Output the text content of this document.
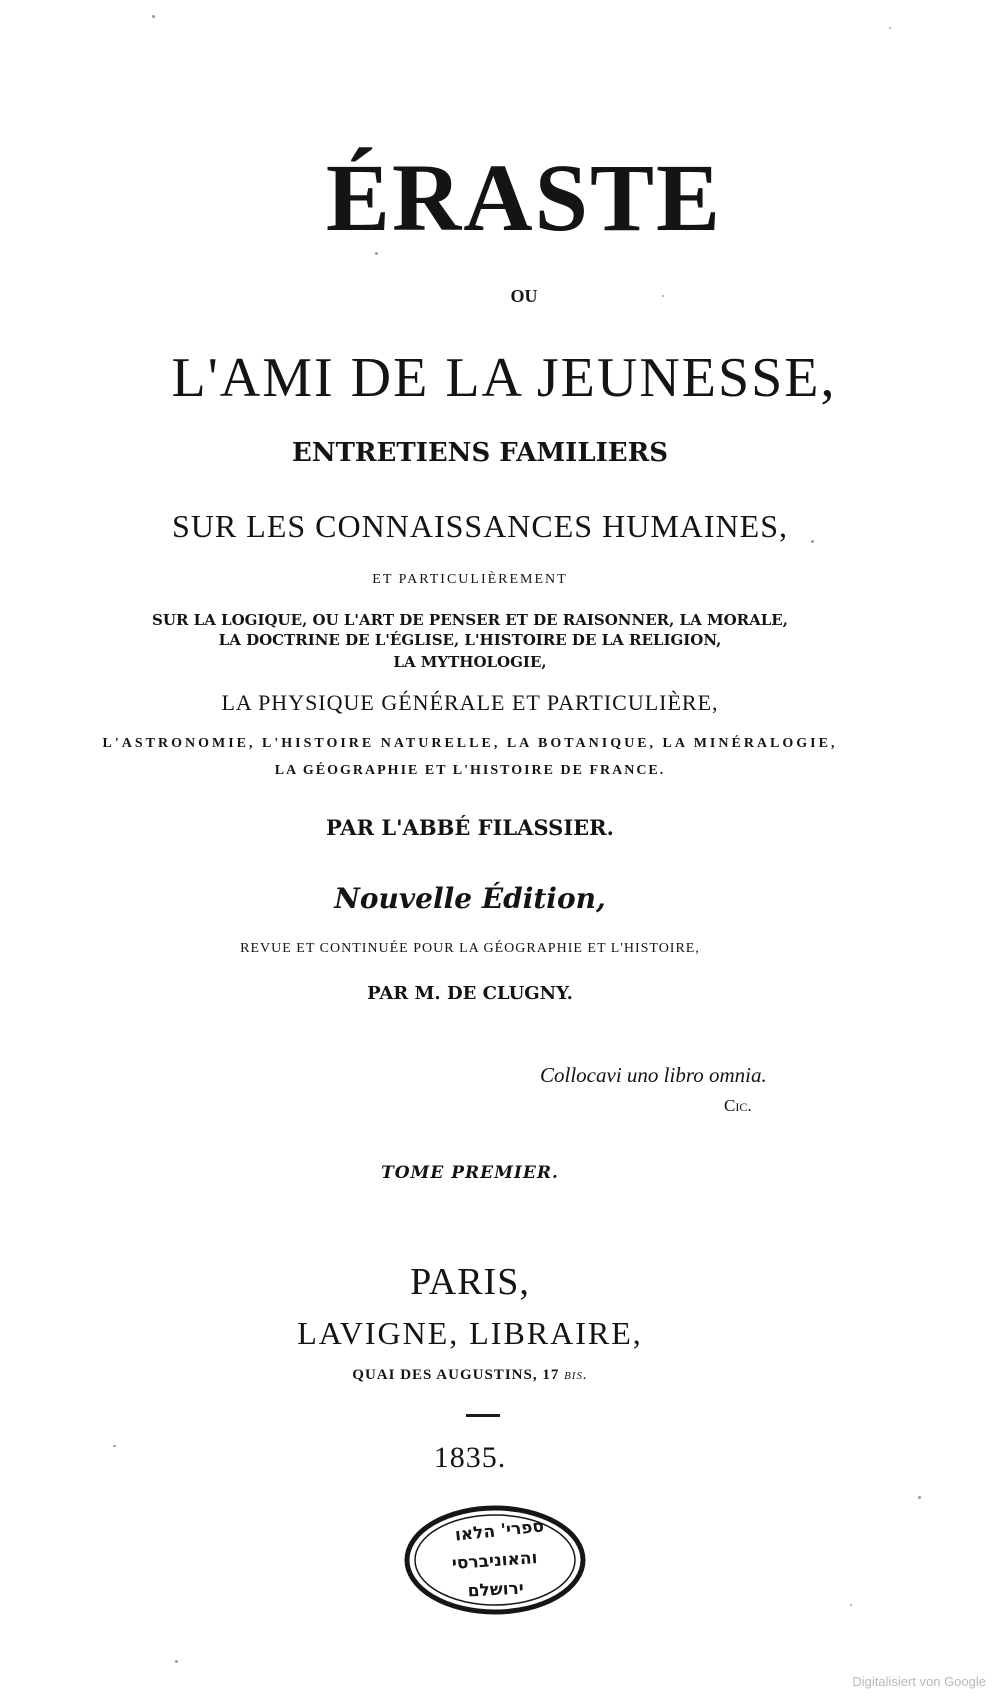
ÉRASTE
OU
L'AMI DE LA JEUNESSE,
ENTRETIENS FAMILIERS
SUR LES CONNAISSANCES HUMAINES,
ET PARTICULIÈREMENT
SUR LA LOGIQUE, OU L'ART DE PENSER ET DE RAISONNER, LA MORALE,
LA DOCTRINE DE L'ÉGLISE, L'HISTOIRE DE LA RELIGION,
LA MYTHOLOGIE,
LA PHYSIQUE GÉNÉRALE ET PARTICULIÈRE,
L'ASTRONOMIE, L'HISTOIRE NATURELLE, LA BOTANIQUE, LA MINÉRALOGIE,
LA GÉOGRAPHIE ET L'HISTOIRE DE FRANCE.
PAR L'ABBÉ FILASSIER.
Nouvelle Édition,
REVUE ET CONTINUÉE POUR LA GÉOGRAPHIE ET L'HISTOIRE,
PAR M. DE CLUGNY.
Collocavi uno libro omnia.
Cic.
TOME PREMIER.
PARIS,
LAVIGNE, LIBRAIRE,
QUAI DES AUGUSTINS, 17 bis.
1835.
ספרי' הלאו
והאוניברסי
ירושלם
Digitalisiert von Google
